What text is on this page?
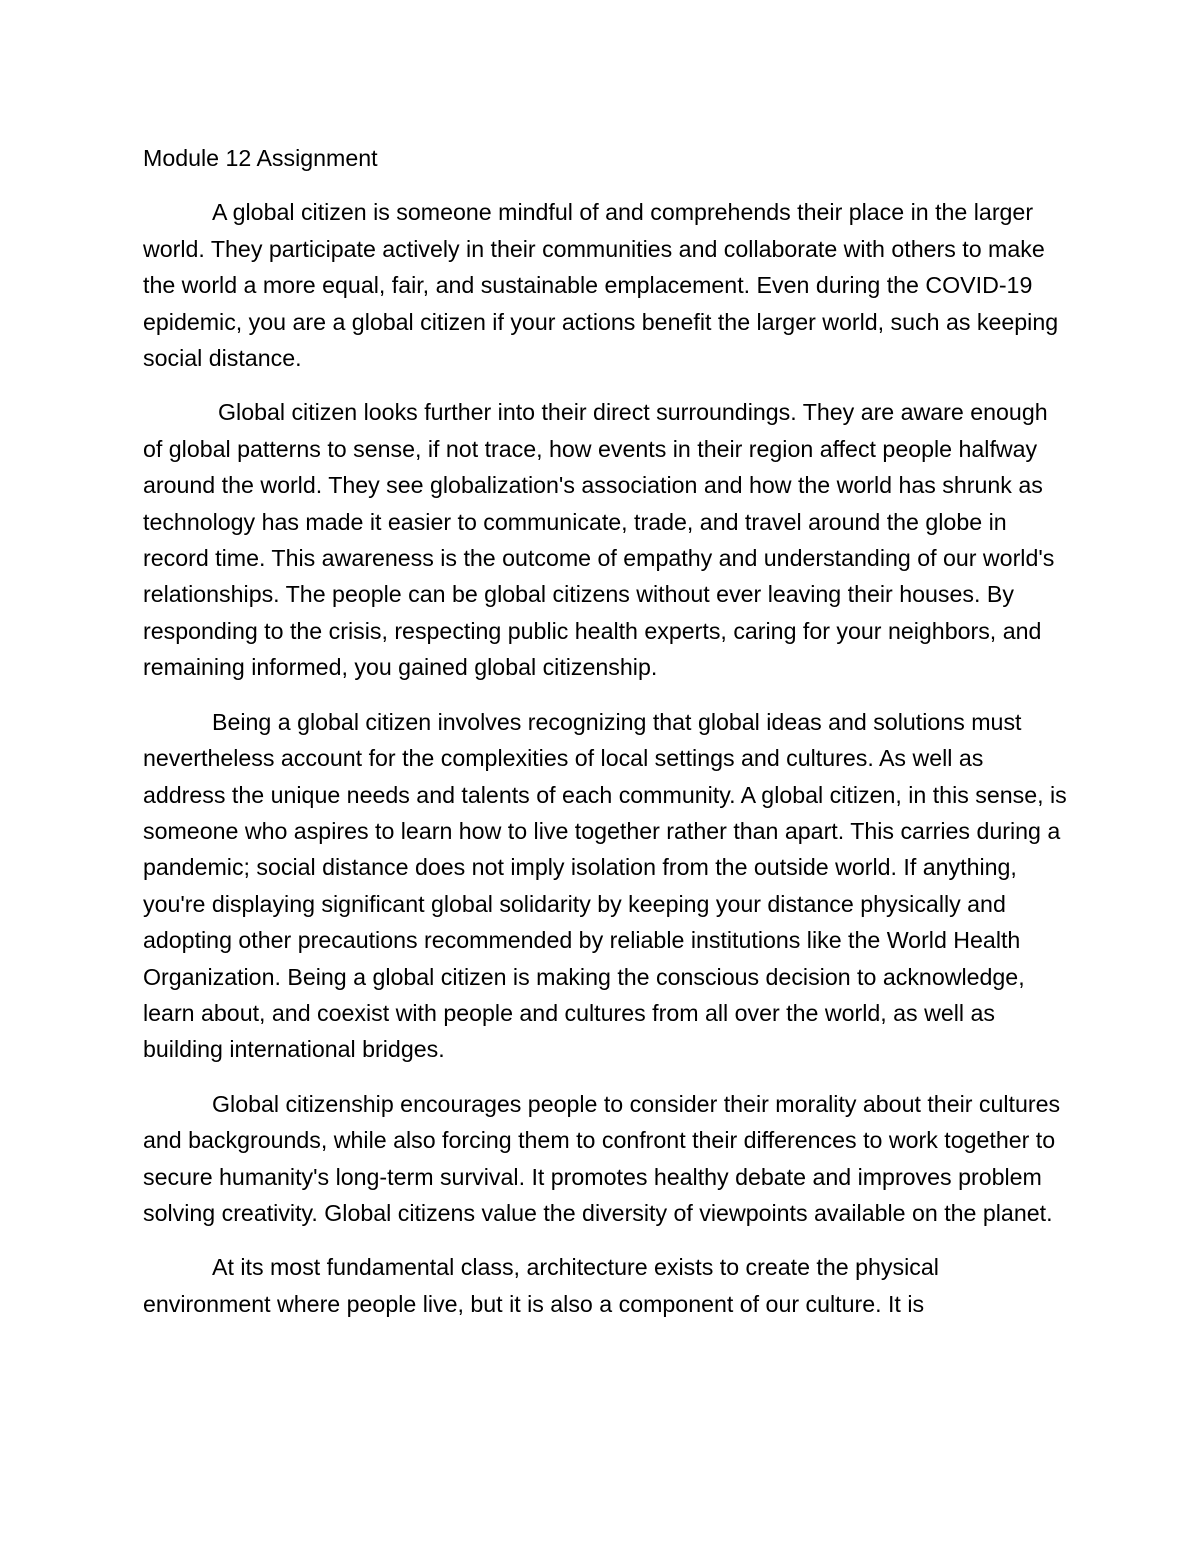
Module 12 Assignment

A global citizen is someone mindful of and comprehends their place in the larger world. They participate actively in their communities and collaborate with others to make the world a more equal, fair, and sustainable emplacement. Even during the COVID-19 epidemic, you are a global citizen if your actions benefit the larger world, such as keeping social distance.

Global citizen looks further into their direct surroundings. They are aware enough of global patterns to sense, if not trace, how events in their region affect people halfway around the world. They see globalization's association and how the world has shrunk as technology has made it easier to communicate, trade, and travel around the globe in record time. This awareness is the outcome of empathy and understanding of our world's relationships. The people can be global citizens without ever leaving their houses. By responding to the crisis, respecting public health experts, caring for your neighbors, and remaining informed, you gained global citizenship.

Being a global citizen involves recognizing that global ideas and solutions must nevertheless account for the complexities of local settings and cultures. As well as address the unique needs and talents of each community. A global citizen, in this sense, is someone who aspires to learn how to live together rather than apart. This carries during a pandemic; social distance does not imply isolation from the outside world. If anything, you're displaying significant global solidarity by keeping your distance physically and adopting other precautions recommended by reliable institutions like the World Health Organization. Being a global citizen is making the conscious decision to acknowledge, learn about, and coexist with people and cultures from all over the world, as well as building international bridges.

Global citizenship encourages people to consider their morality about their cultures and backgrounds, while also forcing them to confront their differences to work together to secure humanity's long-term survival. It promotes healthy debate and improves problem solving creativity. Global citizens value the diversity of viewpoints available on the planet.

At its most fundamental class, architecture exists to create the physical environment where people live, but it is also a component of our culture. It is
